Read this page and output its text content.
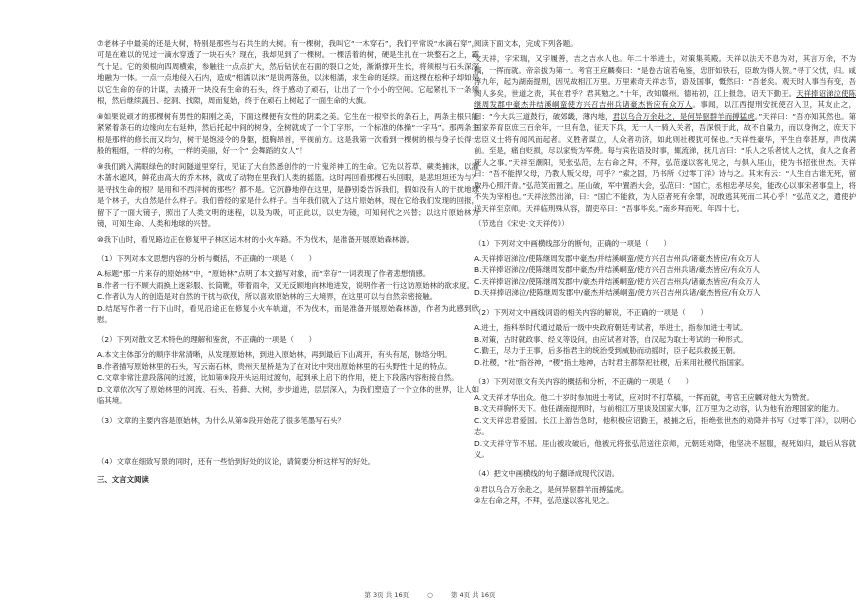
⑦老林子中最美的还是大树，特别是那些与石共生的大树。有一棵树，我叫它“一木穿石”，我们平常说“水滴石穿”，可是在难以的见过一滴水穿透了一块石头？现在，我却见到了一棵树。一棵活着的树，硬是生扎在一块整石之上，霸气十足。它的须根向四周横索，参触往一点点扩大，然后钻伏在石面的裂口之处，渐渐撑开生长，将须根与石头深深地融为一体。一点一点地侵入石内，造成“相濡以沫”是说两落鱼，以沫相濡，求生命的延续。而这棵在松种子却如是以它生命的存的计谋，去撬开一块没有生命的石头，终于感动了顽石，让出了一个小小的空间。它起紧扎下一条须根，然后继续蔬吕、挖洞、找隙，周而复始，终于在顽石上树起了一面生命的大旗。

⑧如果说顽才的那棵树有男性的阳刚之美，下面这棵便有女性的阴柔之美。它生在一根窄长的条石上，两条主根只能紧紧着条石的边缘向左右延伸，然后托起中间的树身，全树就成了一个丁字形，一个标准的体操“一字马”。那两条主根是那样的修长而又均匀，树干是饱浸令的身躯，挺胸昂首，平视前方。这是我第一次看到一棵树的根与身子长得一般的粗细，一样的匀称，一样的美丽，好一个“ 会舞蹈的女人”！

⑨我们跳入满眼绿色的时间隧道里穿行，见证了大自然悉创作的一片鬼斧神工的生命。它先以苔草、蕨类捕沫，以灌木蔷水遮风，鲜花由高大的乔木林，就成了动物在里我们人类的摇篮。这时再回看那棵石头回眼，是悲坦坦还为与？是寻找生命的根？是用和不西洋树的那些？都不是。它沉静地停在这里，是静别委告诉我们，假如没有人的干扰地球是个林子，大自然是什么样子。我们曾经的家是什么样子。当年我们就入了这片原始林，现在它给我们发现的回报，留下了一面大镜子，照出了人类文明的迷程，以及为吸，可正此以，以史为镜，可知何代之兴替；以这片原始林为镜，可知生命、人类和地球的兴替。

⑩我下山时，看见路边正在修复甲子林区运木材的小火车路。不为伐木，是准备开展原始森林游。

（1）下列对本文思想内容的分析与概括，不正确的一项是（　　）

A.标题“那一片来存的原始林”中，“原始林”点明了本文描写对象，而“幸存”一词表现了作者悲想情感。

B.作者一行不顾大雨换上迷彩服、长筒靴，带着雨伞，又无反顾地向林地进发，说明作者一行这访原始林的欲求度。

C.作者认为人的创造是对自然的干扰与砍伐，所以喜欢原始林的三大境界，在这里可以与自然亲密接触。

D.结尾写作者一行下山时，看见沿途正在修复小火车轨道，不为伐木，而是准备开展原始森林游，作者为此感到欣慰。

（2）下列对散文艺术特色的理解和鉴赏，不正确的一项是（　　）

A.本文主体部分的顺序非常清晰，从发现原始林，到进入原始林，再到最后下山离开，有头有尾，脉络分明。

B.作者描写原始林里的石头，写云南石林，贵州天星桥是为了在对比中突出原始林里的石头野性十足的特点。

C.文章非常注意段落间的过渡，比如第⑨段开头运用过渡句，起到承上启下的作用，使上下段落内容衔接自然。

D.文章依次写了原始林里的河流、石头、苔藓、大树，步步道进，层层深入，为我们塑造了一个立体的世界，让人如临其境。

（3）文章的主要内容是原始林，为什么从第⑤段开始花了很多笔墨写石头？

（4）文章在细致写景的同时，还有一些恰到好处的议论，请简要分析这样写的好处。

三、文言文阅读

阅读下面文本，完成下列各题。

文天祥，字宋瑞，又字履善，吉之吉水人也。年二十举进士，对策集英殿。天祥以法天不息为对，其言万余，不为稿，一挥而就。帝亲拔为第一。考官王应麟奏曰：“是卷古谊若龟鉴，忠肝如铁石，臣敢为得人贺。”寻丁父忧，归。咸淳九年，起为湖南提刑，因见故相江万里。万里素奇天祥志节，语及国事，慨然曰：“吾老矣。观天时人事当有变，吾阅人多矣，世道之责，其在君乎？君其勉之。”十年，改知赣州。德祐初，江上报急，诏天下勤王。天祥捧诏涕泣使陈继周发郡中豪杰并结溪峒蛮使方兴召吉州兵诸豪杰皆应有众万人。事闻，以江西提刑安抚使召入卫，其友止之，曰：“今大兵三道鼓行，破郊畿，薄内地，君以乌合万余赴之，是何异驱群羊而搏猛虎。”天祥曰：“吾亦知其然也。第国家养育臣庶三百余年，一旦有急，征天下兵，无一人一骑入关者，吾深恨于此，故不自量力，而以身徇之，庶天下忠臣义士将有闻风而起者。义胜者谋立，人众者功济，如此则社稷犹可保也。”天祥性豪华，平生自奉甚厚，声伎满前。至是，痛自贬损，尽以家赀为军费。每与宾佐语及时事，辄流涕，抚几言曰：“乐人之乐者忧人之忧，食人之食者死人之事。”天祥至潮阳，见张弘范，左右命之拜，不拜，弘范遂以客礼见之，与俱入厓山，使为书招张世杰。天祥曰：“吾不能捍父母，乃教人叛父母，可乎？”索之固，乃书所《过零丁洋》诗与之。其末有云：“人生自古谁无死，留取丹心照汗青。”弘范笑而置之。厓山破，军中置酒大会，弘范曰：“国亡，丞相忠孝尽矣，能改心以事宋者事皇上，将不失为宰相也。”天祥泫然出涕，曰：“国亡不能救，为人臣者死有余罪，况敢逃其死而二其心乎！”弘范义之，遣使护送天祥至京师。天祥临刑殊从容，谓吏卒曰：“吾事毕矣。”南乡拜而死。年四十七。

（节选自《宋史·文天祥传》）

（1）下列对文中画横线部分的断句，正确的一项是（　　）

A.天祥捧诏涕泣/使陈继周发郡中豪杰/并结溪峒蛮/使方兴召吉州兵/诸豪杰皆应/有众万人

B.天祥捧诏涕泣/使陈继周发郡中豪杰/并结溪峒蛮/使方兴召吉州兵诸/豪杰皆应/有众万人

C.天祥捧诏涕泣/使陈继周发郡中/豪杰并结溪峒蛮/使方兴召吉州兵/诸豪杰皆应/有众万人

D.天祥捧诏涕泣/使陈继周发郡中/豪杰并结溪峒蛮/使方兴召吉州兵诸/豪杰皆应/有众万人

（2）下列对文中画线词语的相关内容的解说，不正确的一项是（　　）

A.进士，指科举时代通过最后一级中央政府朝廷考试者，举进士，指参加进士考试。

B.对策，古时就政事、经义等设问，由应试者对答，自汉起为取士考试的一种形式。

C.勤王，尽力于王事，后多指君主的统治受到威胁而动摇时，臣子起兵救援王朝。

D.社稷，“社”指谷神，“稷”指土地神，古时君主都祭祀社稷，后来用社稷代指国家。

（3）下列对原文有关内容的概括和分析，不正确的一项是（　　）

A.文天祥才华出众。他二十岁时参加进士考试，应对时不打草稿，一挥而就，考官王应麟对他大为赞赏。

B.文天祥胸怀天下。他任湖南提刑时，与前相江万里谈及国家大事，江万里为之动容，认为他有治理国家的能力。

C.文天祥忠君爱国。长江上游告急时，他积极应诏勤王，被捕之后，拒绝张世杰的劝降并书写《过零丁洋》，以明心志。

D.文天祥守节不屈。厓山被攻破后，他被元将张弘范送往京师，元朝廷劝降，他坚决不屈服，视死如归，最后从容就义。

（4）把文中画横线的句子翻译成现代汉语。

①君以乌合万余赴之，是何异驱群羊而搏猛虎。

②左右命之拜，不拜，弘范遂以客礼见之。

第 3页 共 16页	○	第 4页 共 16页
